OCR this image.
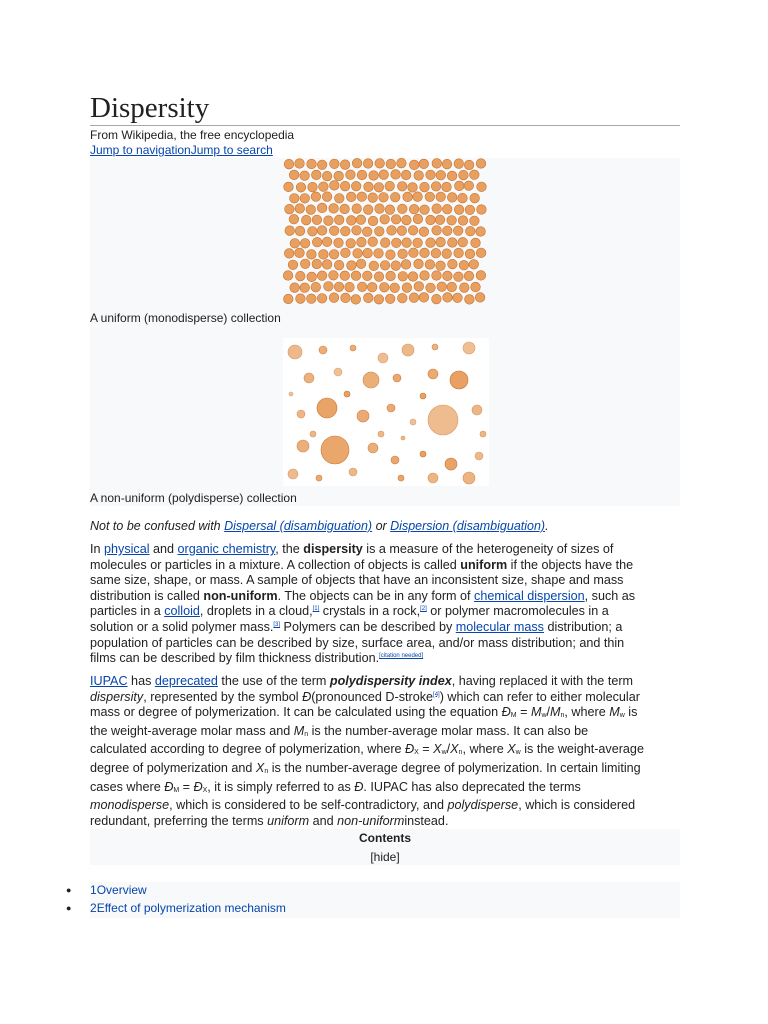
Dispersity
From Wikipedia, the free encyclopedia
Jump to navigationJump to search
A uniform (monodisperse) collection
A non-uniform (polydisperse) collection
Not to be confused with Dispersal (disambiguation) or Dispersion (disambiguation).
In physical and organic chemistry, the dispersity is a measure of the heterogeneity of sizes of molecules or particles in a mixture. A collection of objects is called uniform if the objects have the same size, shape, or mass. A sample of objects that have an inconsistent size, shape and mass distribution is called non-uniform. The objects can be in any form of chemical dispersion, such as particles in a colloid, droplets in a cloud,[1] crystals in a rock,[2] or polymer macromolecules in a solution or a solid polymer mass.[3] Polymers can be described by molecular mass distribution; a population of particles can be described by size, surface area, and/or mass distribution; and thin films can be described by film thickness distribution.[citation needed]
IUPAC has deprecated the use of the term polydispersity index, having replaced it with the term dispersity, represented by the symbol Đ(pronounced D-stroke[4]) which can refer to either molecular mass or degree of polymerization. It can be calculated using the equation ĐM = Mw/Mn, where Mw is the weight-average molar mass and Mn is the number-average molar mass. It can also be calculated according to degree of polymerization, where ĐX = Xw/Xn, where Xw is the weight-average degree of polymerization and Xn is the number-average degree of polymerization. In certain limiting cases where ĐM = ĐX, it is simply referred to as Đ. IUPAC has also deprecated the terms monodisperse, which is considered to be self-contradictory, and polydisperse, which is considered redundant, preferring the terms uniform and non-uniforminstead.
Contents
[hide]
● 1Overview
● 2Effect of polymerization mechanism
